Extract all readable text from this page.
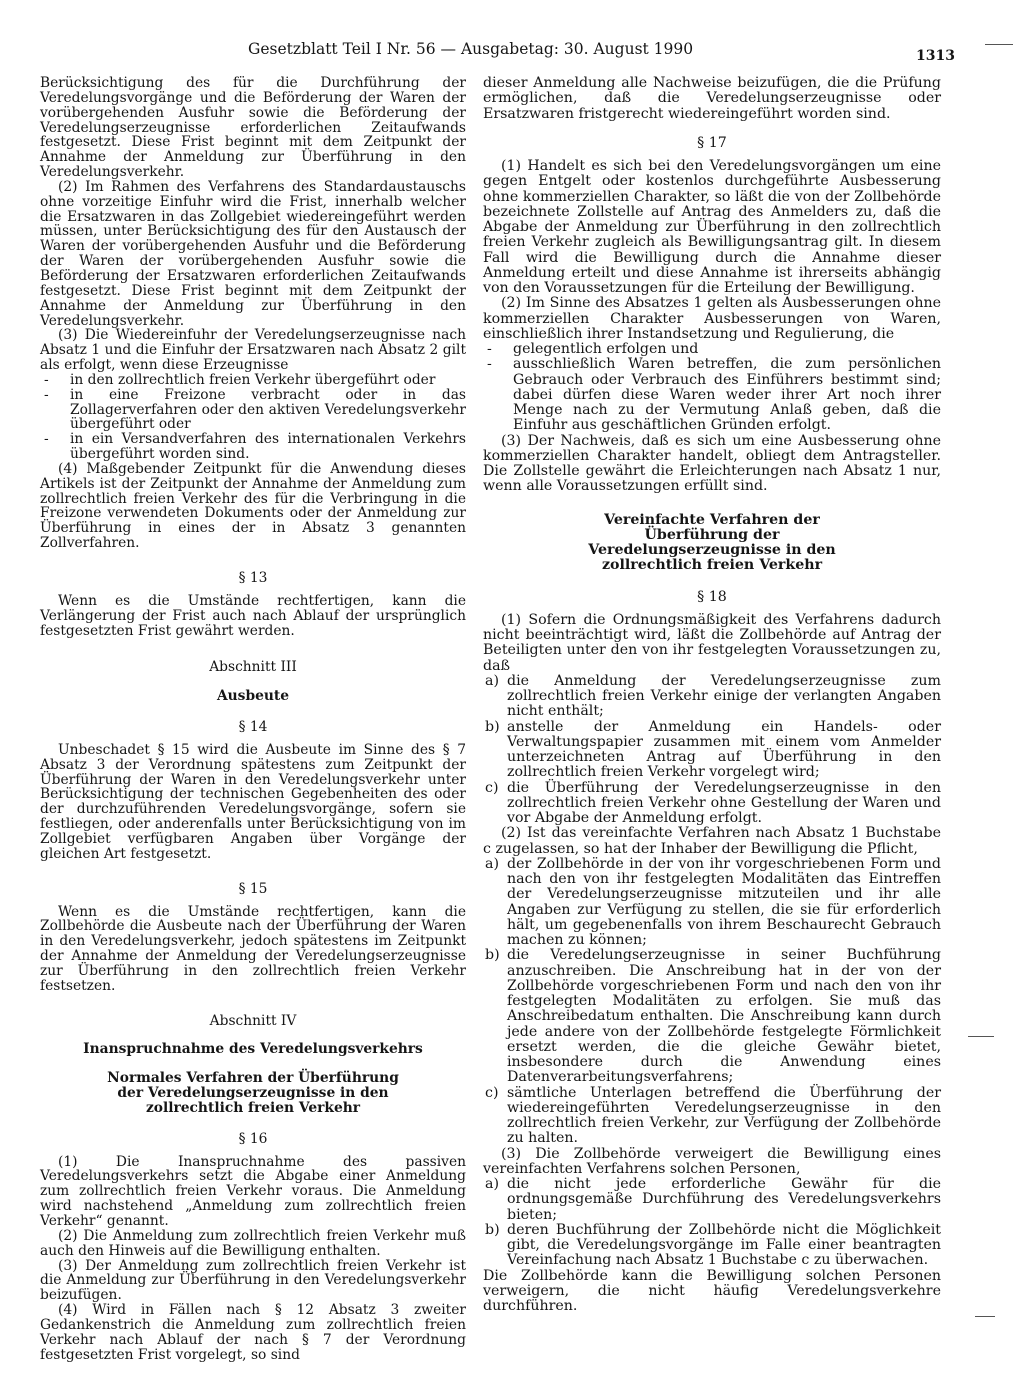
Gesetzblatt Teil I Nr. 56 — Ausgabetag: 30. August 1990	1313

Berücksichtigung des für die Durchführung der Veredelungsvorgänge und die Beförderung der Waren der vorübergehenden Ausfuhr sowie die Beförderung der Veredelungserzeugnisse erforderlichen Zeitaufwands festgesetzt. Diese Frist beginnt mit dem Zeitpunkt der Annahme der Anmeldung zur Überführung in den Veredelungsverkehr.

(2) Im Rahmen des Verfahrens des Standardaustauschs ohne vorzeitige Einfuhr wird die Frist, innerhalb welcher die Ersatzwaren in das Zollgebiet wiedereingeführt werden müssen, unter Berücksichtigung des für den Austausch der Waren der vorübergehenden Ausfuhr und die Beförderung der Waren der vorübergehenden Ausfuhr sowie die Beförderung der Ersatzwaren erforderlichen Zeitaufwands festgesetzt. Diese Frist beginnt mit dem Zeitpunkt der Annahme der Anmeldung zur Überführung in den Veredelungsverkehr.

(3) Die Wiedereinfuhr der Veredelungserzeugnisse nach Absatz 1 und die Einfuhr der Ersatzwaren nach Absatz 2 gilt als erfolgt, wenn diese Erzeugnisse

- in den zollrechtlich freien Verkehr übergeführt oder
- in eine Freizone verbracht oder in das Zollagerverfahren oder den aktiven Veredelungsverkehr übergeführt oder
- in ein Versandverfahren des internationalen Verkehrs übergeführt worden sind.

(4) Maßgebender Zeitpunkt für die Anwendung dieses Artikels ist der Zeitpunkt der Annahme der Anmeldung zum zollrechtlich freien Verkehr des für die Verbringung in die Freizone verwendeten Dokuments oder der Anmeldung zur Überführung in eines der in Absatz 3 genannten Zollverfahren.

§ 13

Wenn es die Umstände rechtfertigen, kann die Verlängerung der Frist auch nach Ablauf der ursprünglich festgesetzten Frist gewährt werden.

Abschnitt III
Ausbeute
§ 14

Unbeschadet § 15 wird die Ausbeute im Sinne des § 7 Absatz 3 der Verordnung spätestens zum Zeitpunkt der Überführung der Waren in den Veredelungsverkehr unter Berücksichtigung der technischen Gegebenheiten des oder der durchzuführenden Veredelungsvorgänge, sofern sie festliegen, oder anderenfalls unter Berücksichtigung von im Zollgebiet verfügbaren Angaben über Vorgänge der gleichen Art festgesetzt.

§ 15

Wenn es die Umstände rechtfertigen, kann die Zollbehörde die Ausbeute nach der Überführung der Waren in den Veredelungsverkehr, jedoch spätestens im Zeitpunkt der Annahme der Anmeldung der Veredelungserzeugnisse zur Überführung in den zollrechtlich freien Verkehr festsetzen.

Abschnitt IV
Inanspruchnahme des Veredelungsverkehrs
Normales Verfahren der Überführung der Veredelungserzeugnisse in den zollrechtlich freien Verkehr
§ 16

(1) Die Inanspruchnahme des passiven Veredelungsverkehrs setzt die Abgabe einer Anmeldung zum zollrechtlich freien Verkehr voraus. Die Anmeldung wird nachstehend „Anmeldung zum zollrechtlich freien Verkehr“ genannt.

(2) Die Anmeldung zum zollrechtlich freien Verkehr muß auch den Hinweis auf die Bewilligung enthalten.

(3) Der Anmeldung zum zollrechtlich freien Verkehr ist die Anmeldung zur Überführung in den Veredelungsverkehr beizufügen.

(4) Wird in Fällen nach § 12 Absatz 3 zweiter Gedankenstrich die Anmeldung zum zollrechtlich freien Verkehr nach Ablauf der nach § 7 der Verordnung festgesetzten Frist vorgelegt, so sind

dieser Anmeldung alle Nachweise beizufügen, die die Prüfung ermöglichen, daß die Veredelungserzeugnisse oder Ersatzwaren fristgerecht wiedereingeführt worden sind.

§ 17

(1) Handelt es sich bei den Veredelungsvorgängen um eine gegen Entgelt oder kostenlos durchgeführte Ausbesserung ohne kommerziellen Charakter, so läßt die von der Zollbehörde bezeichnete Zollstelle auf Antrag des Anmelders zu, daß die Abgabe der Anmeldung zur Überführung in den zollrechtlich freien Verkehr zugleich als Bewilligungsantrag gilt. In diesem Fall wird die Bewilligung durch die Annahme dieser Anmeldung erteilt und diese Annahme ist ihrerseits abhängig von den Voraussetzungen für die Erteilung der Bewilligung.

(2) Im Sinne des Absatzes 1 gelten als Ausbesserungen ohne kommerziellen Charakter Ausbesserungen von Waren, einschließlich ihrer Instandsetzung und Regulierung, die

- gelegentlich erfolgen und
- ausschließlich Waren betreffen, die zum persönlichen Gebrauch oder Verbrauch des Einführers bestimmt sind; dabei dürfen diese Waren weder ihrer Art noch ihrer Menge nach zu der Vermutung Anlaß geben, daß die Einfuhr aus geschäftlichen Gründen erfolgt.

(3) Der Nachweis, daß es sich um eine Ausbesserung ohne kommerziellen Charakter handelt, obliegt dem Antragsteller. Die Zollstelle gewährt die Erleichterungen nach Absatz 1 nur, wenn alle Voraussetzungen erfüllt sind.

Vereinfachte Verfahren der Überführung der Veredelungserzeugnisse in den zollrechtlich freien Verkehr
§ 18

(1) Sofern die Ordnungsmäßigkeit des Verfahrens dadurch nicht beeinträchtigt wird, läßt die Zollbehörde auf Antrag der Beteiligten unter den von ihr festgelegten Voraussetzungen zu, daß

a) die Anmeldung der Veredelungserzeugnisse zum zollrechtlich freien Verkehr einige der verlangten Angaben nicht enthält;
b) anstelle der Anmeldung ein Handels- oder Verwaltungspapier zusammen mit einem vom Anmelder unterzeichneten Antrag auf Überführung in den zollrechtlich freien Verkehr vorgelegt wird;
c) die Überführung der Veredelungserzeugnisse in den zollrechtlich freien Verkehr ohne Gestellung der Waren und vor Abgabe der Anmeldung erfolgt.

(2) Ist das vereinfachte Verfahren nach Absatz 1 Buchstabe c zugelassen, so hat der Inhaber der Bewilligung die Pflicht,

a) der Zollbehörde in der von ihr vorgeschriebenen Form und nach den von ihr festgelegten Modalitäten das Eintreffen der Veredelungserzeugnisse mitzuteilen und ihr alle Angaben zur Verfügung zu stellen, die sie für erforderlich hält, um gegebenenfalls von ihrem Beschaurecht Gebrauch machen zu können;
b) die Veredelungserzeugnisse in seiner Buchführung anzuschreiben. Die Anschreibung hat in der von der Zollbehörde vorgeschriebenen Form und nach den von ihr festgelegten Modalitäten zu erfolgen. Sie muß das Anschreibedatum enthalten. Die Anschreibung kann durch jede andere von der Zollbehörde festgelegte Förmlichkeit ersetzt werden, die die gleiche Gewähr bietet, insbesondere durch die Anwendung eines Datenverarbeitungsverfahrens;
c) sämtliche Unterlagen betreffend die Überführung der wiedereingeführten Veredelungserzeugnisse in den zollrechtlich freien Verkehr, zur Verfügung der Zollbehörde zu halten.

(3) Die Zollbehörde verweigert die Bewilligung eines vereinfachten Verfahrens solchen Personen,

a) die nicht jede erforderliche Gewähr für die ordnungsgemäße Durchführung des Veredelungsverkehrs bieten;
b) deren Buchführung der Zollbehörde nicht die Möglichkeit gibt, die Veredelungsvorgänge im Falle einer beantragten Vereinfachung nach Absatz 1 Buchstabe c zu überwachen.

Die Zollbehörde kann die Bewilligung solchen Personen verweigern, die nicht häufig Veredelungsverkehre durchführen.
